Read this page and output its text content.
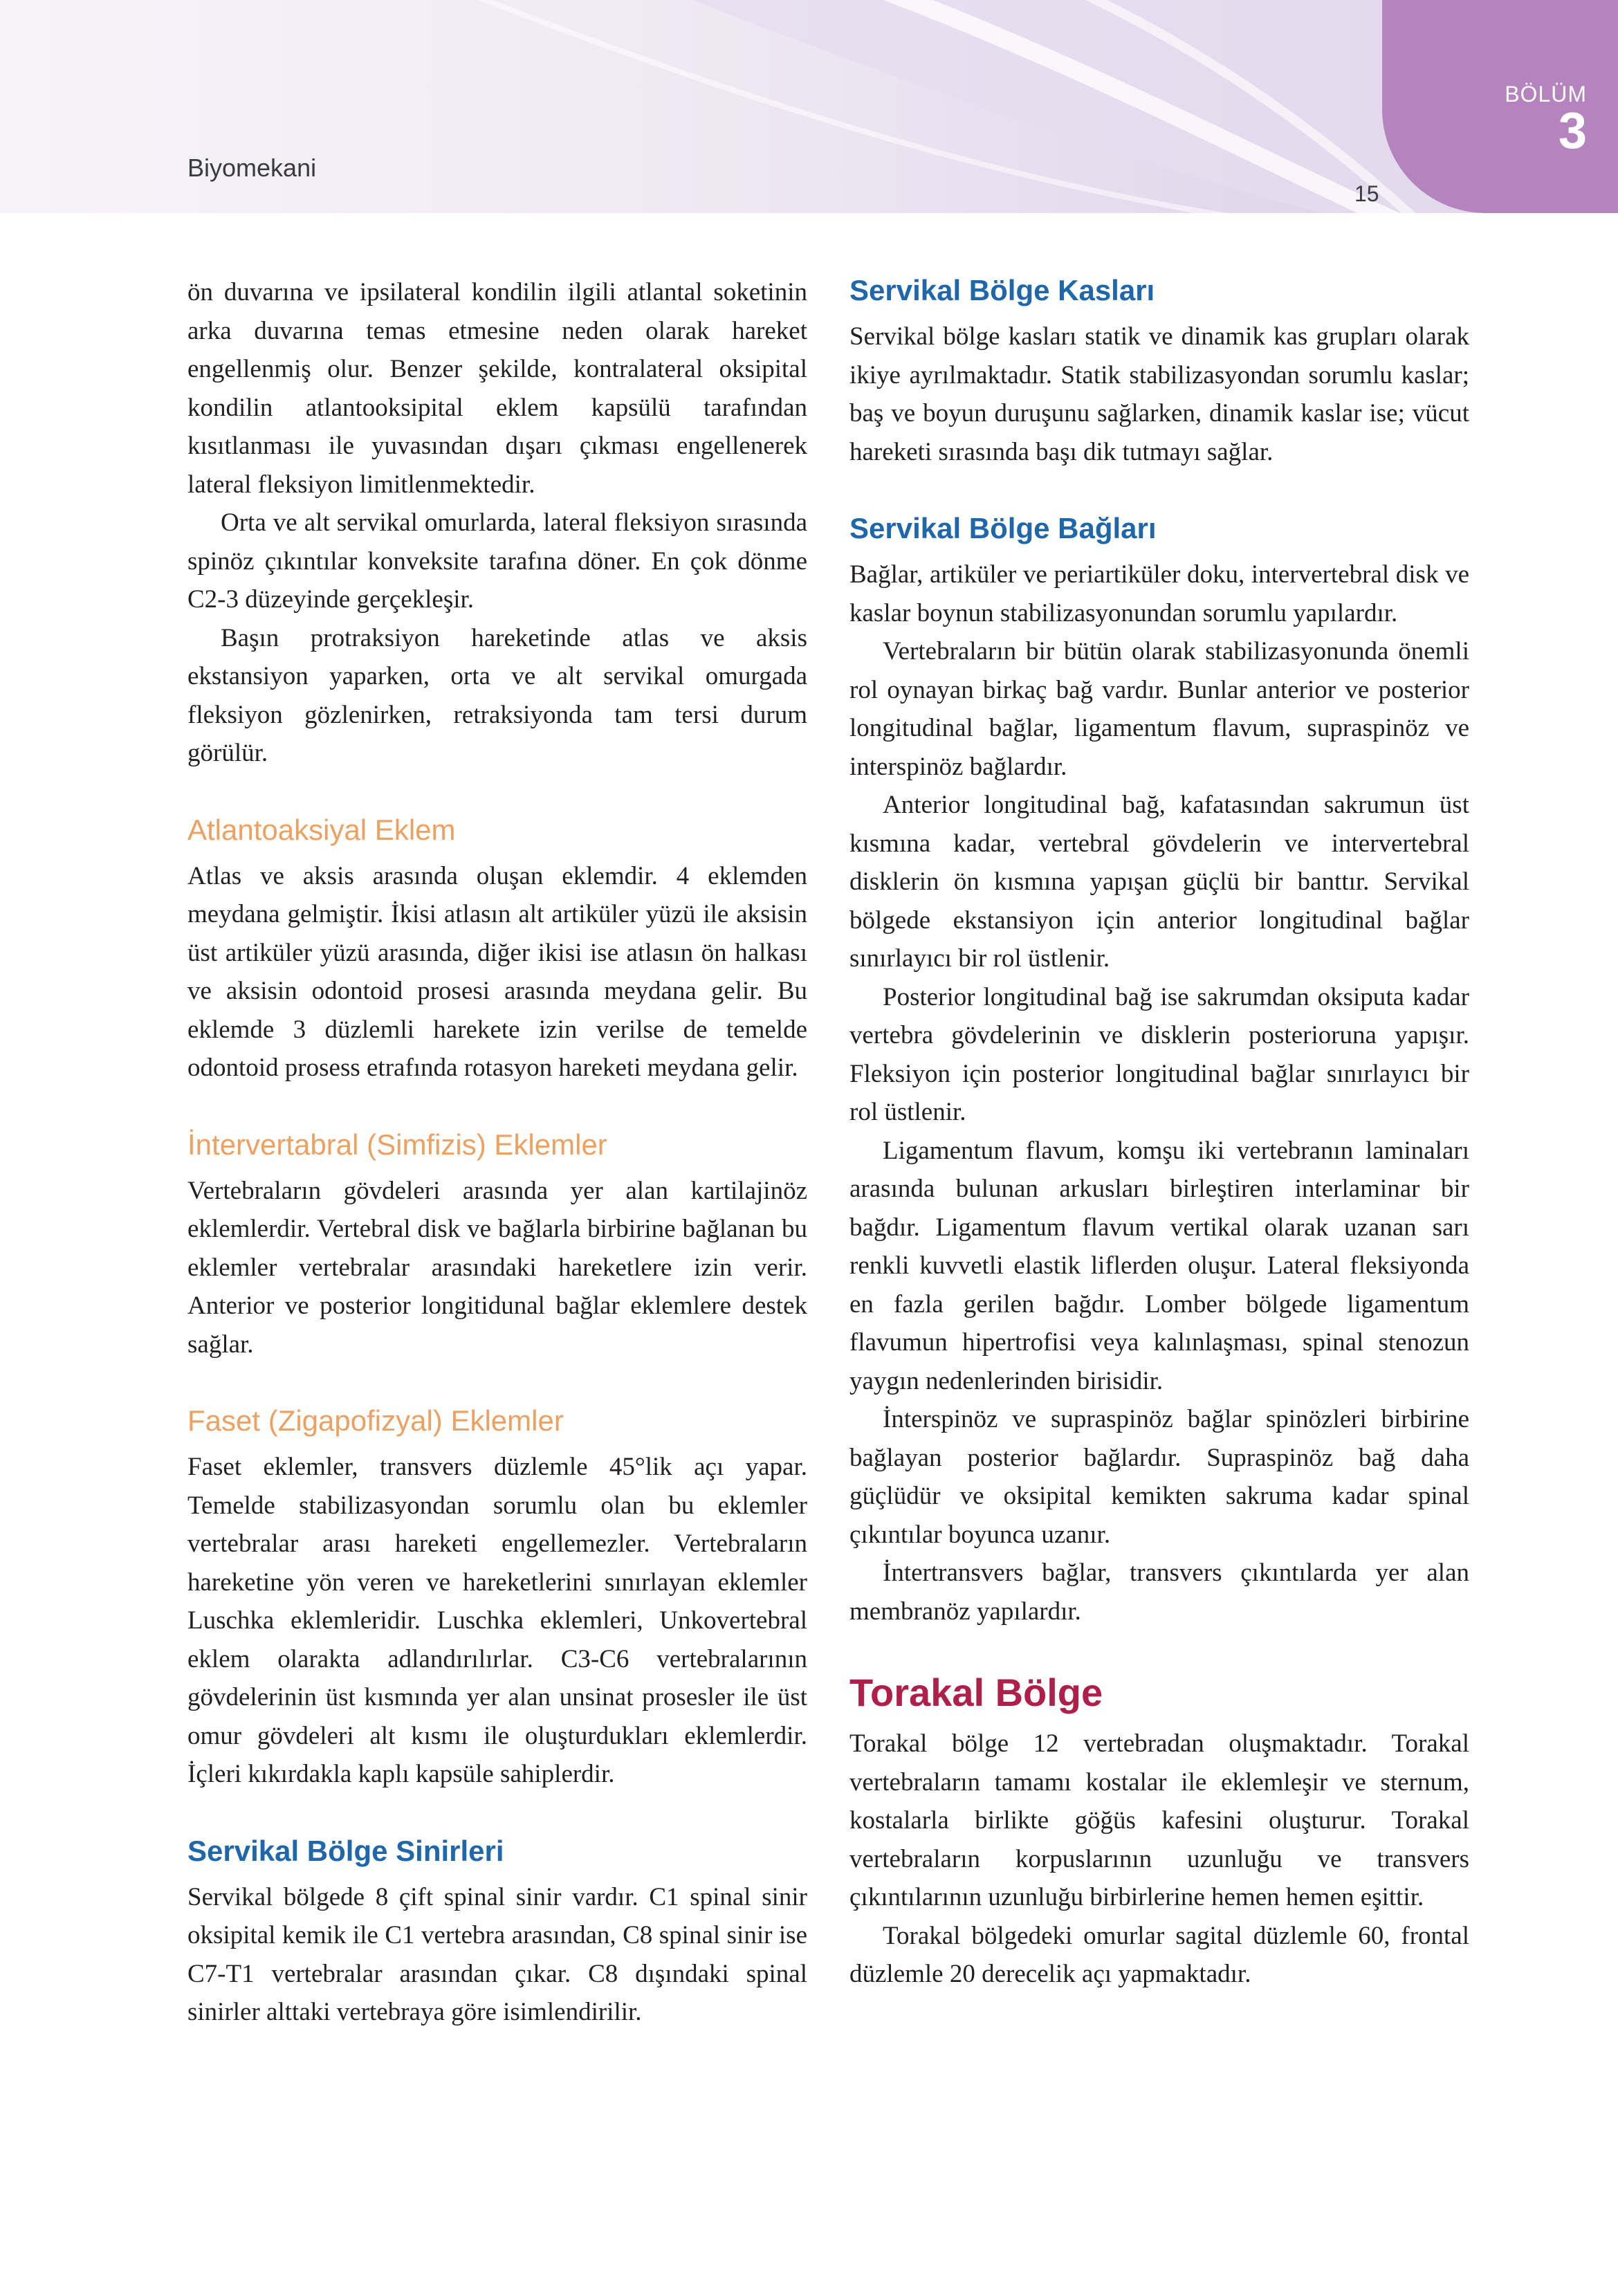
Biyomekani
15
BÖLÜM
3

ön duvarına ve ipsilateral kondilin ilgili atlantal soketinin arka duvarına temas etmesine neden olarak hareket engellenmiş olur. Benzer şekilde, kontralateral oksipital kondilin atlantooksipital eklem kapsülü tarafından kısıtlanması ile yuvasından dışarı çıkması engellenerek lateral fleksiyon limitlenmektedir.

Orta ve alt servikal omurlarda, lateral fleksiyon sırasında spinöz çıkıntılar konveksite tarafına döner. En çok dönme C2-3 düzeyinde gerçekleşir.

Başın protraksiyon hareketinde atlas ve aksis ekstansiyon yaparken, orta ve alt servikal omurgada fleksiyon gözlenirken, retraksiyonda tam tersi durum görülür.

Atlantoaksiyal Eklem

Atlas ve aksis arasında oluşan eklemdir. 4 eklemden meydana gelmiştir. İkisi atlasın alt artiküler yüzü ile aksisin üst artiküler yüzü arasında, diğer ikisi ise atlasın ön halkası ve aksisin odontoid prosesi arasında meydana gelir. Bu eklemde 3 düzlemli harekete izin verilse de temelde odontoid prosess etrafında rotasyon hareketi meydana gelir.

İntervertabral (Simfizis) Eklemler

Vertebraların gövdeleri arasında yer alan kartilajinöz eklemlerdir. Vertebral disk ve bağlarla birbirine bağlanan bu eklemler vertebralar arasındaki hareketlere izin verir. Anterior ve posterior longitidunal bağlar eklemlere destek sağlar.

Faset (Zigapofizyal) Eklemler

Faset eklemler, transvers düzlemle 45°lik açı yapar. Temelde stabilizasyondan sorumlu olan bu eklemler vertebralar arası hareketi engellemezler. Vertebraların hareketine yön veren ve hareketlerini sınırlayan eklemler Luschka eklemleridir. Luschka eklemleri, Unkovertebral eklem olarakta adlandırılırlar. C3-C6 vertebralarının gövdelerinin üst kısmında yer alan unsinat prosesler ile üst omur gövdeleri alt kısmı ile oluşturdukları eklemlerdir. İçleri kıkırdakla kaplı kapsüle sahiplerdir.

Servikal Bölge Sinirleri

Servikal bölgede 8 çift spinal sinir vardır. C1 spinal sinir oksipital kemik ile C1 vertebra arasından, C8 spinal sinir ise C7-T1 vertebralar arasından çıkar. C8 dışındaki spinal sinirler alttaki vertebraya göre isimlendirilir.

Servikal Bölge Kasları

Servikal bölge kasları statik ve dinamik kas grupları olarak ikiye ayrılmaktadır. Statik stabilizasyondan sorumlu kaslar; baş ve boyun duruşunu sağlarken, dinamik kaslar ise; vücut hareketi sırasında başı dik tutmayı sağlar.

Servikal Bölge Bağları

Bağlar, artiküler ve periartiküler doku, intervertebral disk ve kaslar boynun stabilizasyonundan sorumlu yapılardır.

Vertebraların bir bütün olarak stabilizasyonunda önemli rol oynayan birkaç bağ vardır. Bunlar anterior ve posterior longitudinal bağlar, ligamentum flavum, supraspinöz ve interspinöz bağlardır.

Anterior longitudinal bağ, kafatasından sakrumun üst kısmına kadar, vertebral gövdelerin ve intervertebral disklerin ön kısmına yapışan güçlü bir banttır. Servikal bölgede ekstansiyon için anterior longitudinal bağlar sınırlayıcı bir rol üstlenir.

Posterior longitudinal bağ ise sakrumdan oksiputa kadar vertebra gövdelerinin ve disklerin posterioruna yapışır. Fleksiyon için posterior longitudinal bağlar sınırlayıcı bir rol üstlenir.

Ligamentum flavum, komşu iki vertebranın laminaları arasında bulunan arkusları birleştiren interlaminar bir bağdır. Ligamentum flavum vertikal olarak uzanan sarı renkli kuvvetli elastik liflerden oluşur. Lateral fleksiyonda en fazla gerilen bağdır. Lomber bölgede ligamentum flavumun hipertrofisi veya kalınlaşması, spinal stenozun yaygın nedenlerinden birisidir.

İnterspinöz ve supraspinöz bağlar spinözleri birbirine bağlayan posterior bağlardır. Supraspinöz bağ daha güçlüdür ve oksipital kemikten sakruma kadar spinal çıkıntılar boyunca uzanır.

İntertransvers bağlar, transvers çıkıntılarda yer alan membranöz yapılardır.

Torakal Bölge

Torakal bölge 12 vertebradan oluşmaktadır. Torakal vertebraların tamamı kostalar ile eklemleşir ve sternum, kostalarla birlikte göğüs kafesini oluşturur. Torakal vertebraların korpuslarının uzunluğu ve transvers çıkıntılarının uzunluğu birbirlerine hemen hemen eşittir.

Torakal bölgedeki omurlar sagital düzlemle 60, frontal düzlemle 20 derecelik açı yapmaktadır.
